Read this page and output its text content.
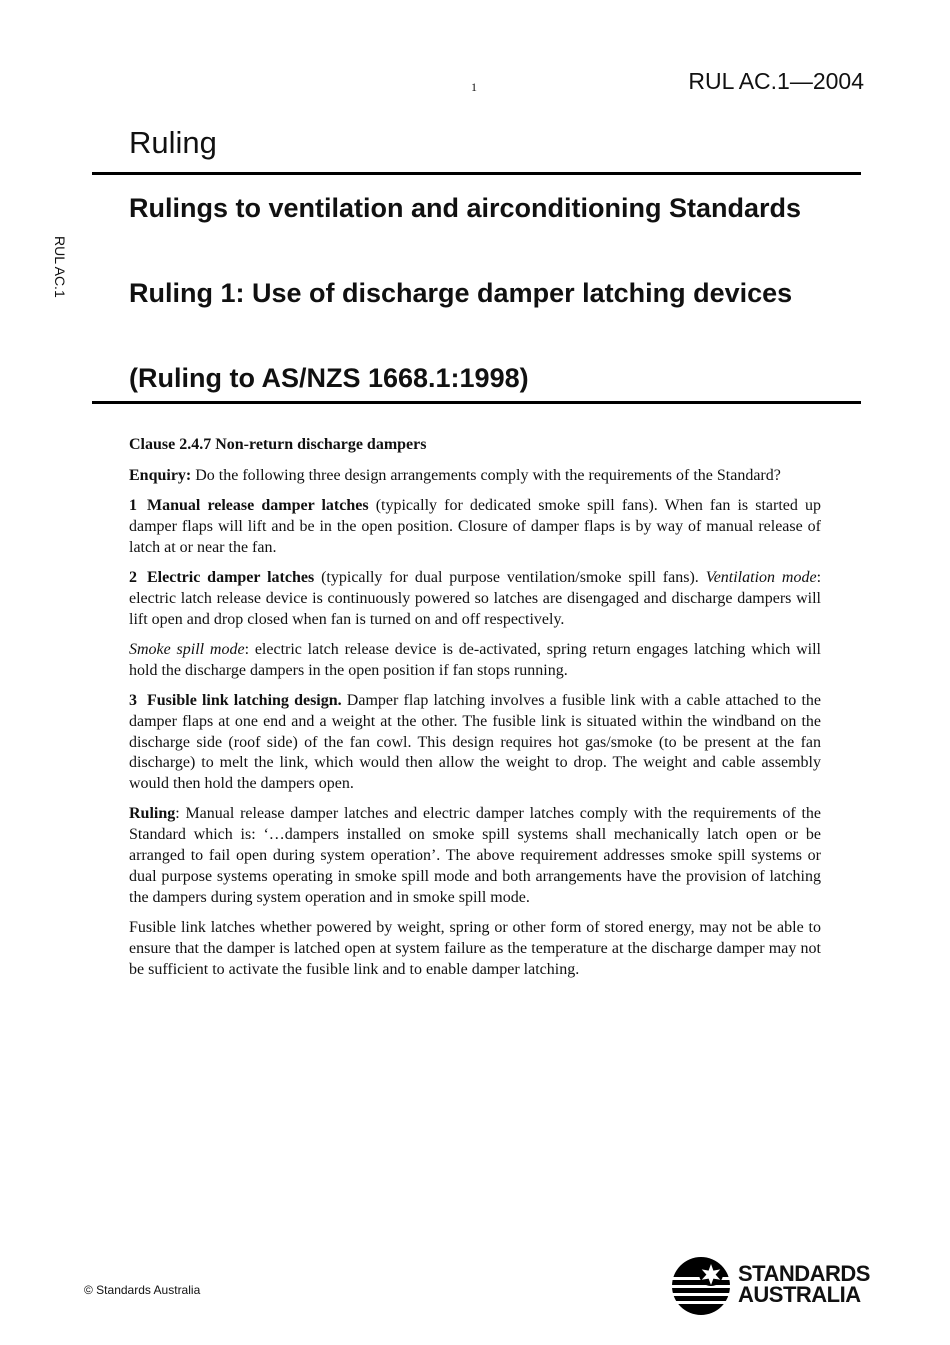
1	RUL AC.1—2004
RUL AC.1
Ruling
Rulings to ventilation and airconditioning Standards
Ruling 1: Use of discharge damper latching devices
(Ruling to AS/NZS 1668.1:1998)

Clause 2.4.7 Non-return discharge dampers

Enquiry: Do the following three design arrangements comply with the requirements of the Standard?

1 Manual release damper latches (typically for dedicated smoke spill fans). When fan is started up damper flaps will lift and be in the open position. Closure of damper flaps is by way of manual release of latch at or near the fan.

2 Electric damper latches (typically for dual purpose ventilation/smoke spill fans). Ventilation mode: electric latch release device is continuously powered so latches are disengaged and discharge dampers will lift open and drop closed when fan is turned on and off respectively.

Smoke spill mode: electric latch release device is de-activated, spring return engages latching which will hold the discharge dampers in the open position if fan stops running.

3 Fusible link latching design. Damper flap latching involves a fusible link with a cable attached to the damper flaps at one end and a weight at the other. The fusible link is situated within the windband on the discharge side (roof side) of the fan cowl. This design requires hot gas/smoke (to be present at the fan discharge) to melt the link, which would then allow the weight to drop. The weight and cable assembly would then hold the dampers open.

Ruling: Manual release damper latches and electric damper latches comply with the requirements of the Standard which is: ‘…dampers installed on smoke spill systems shall mechanically latch open or be arranged to fail open during system operation’. The above requirement addresses smoke spill systems or dual purpose systems operating in smoke spill mode and both arrangements have the provision of latching the dampers during system operation and in smoke spill mode.

Fusible link latches whether powered by weight, spring or other form of stored energy, may not be able to ensure that the damper is latched open at system failure as the temperature at the discharge damper may not be sufficient to activate the fusible link and to enable damper latching.

© Standards Australia
STANDARDS
AUSTRALIA
